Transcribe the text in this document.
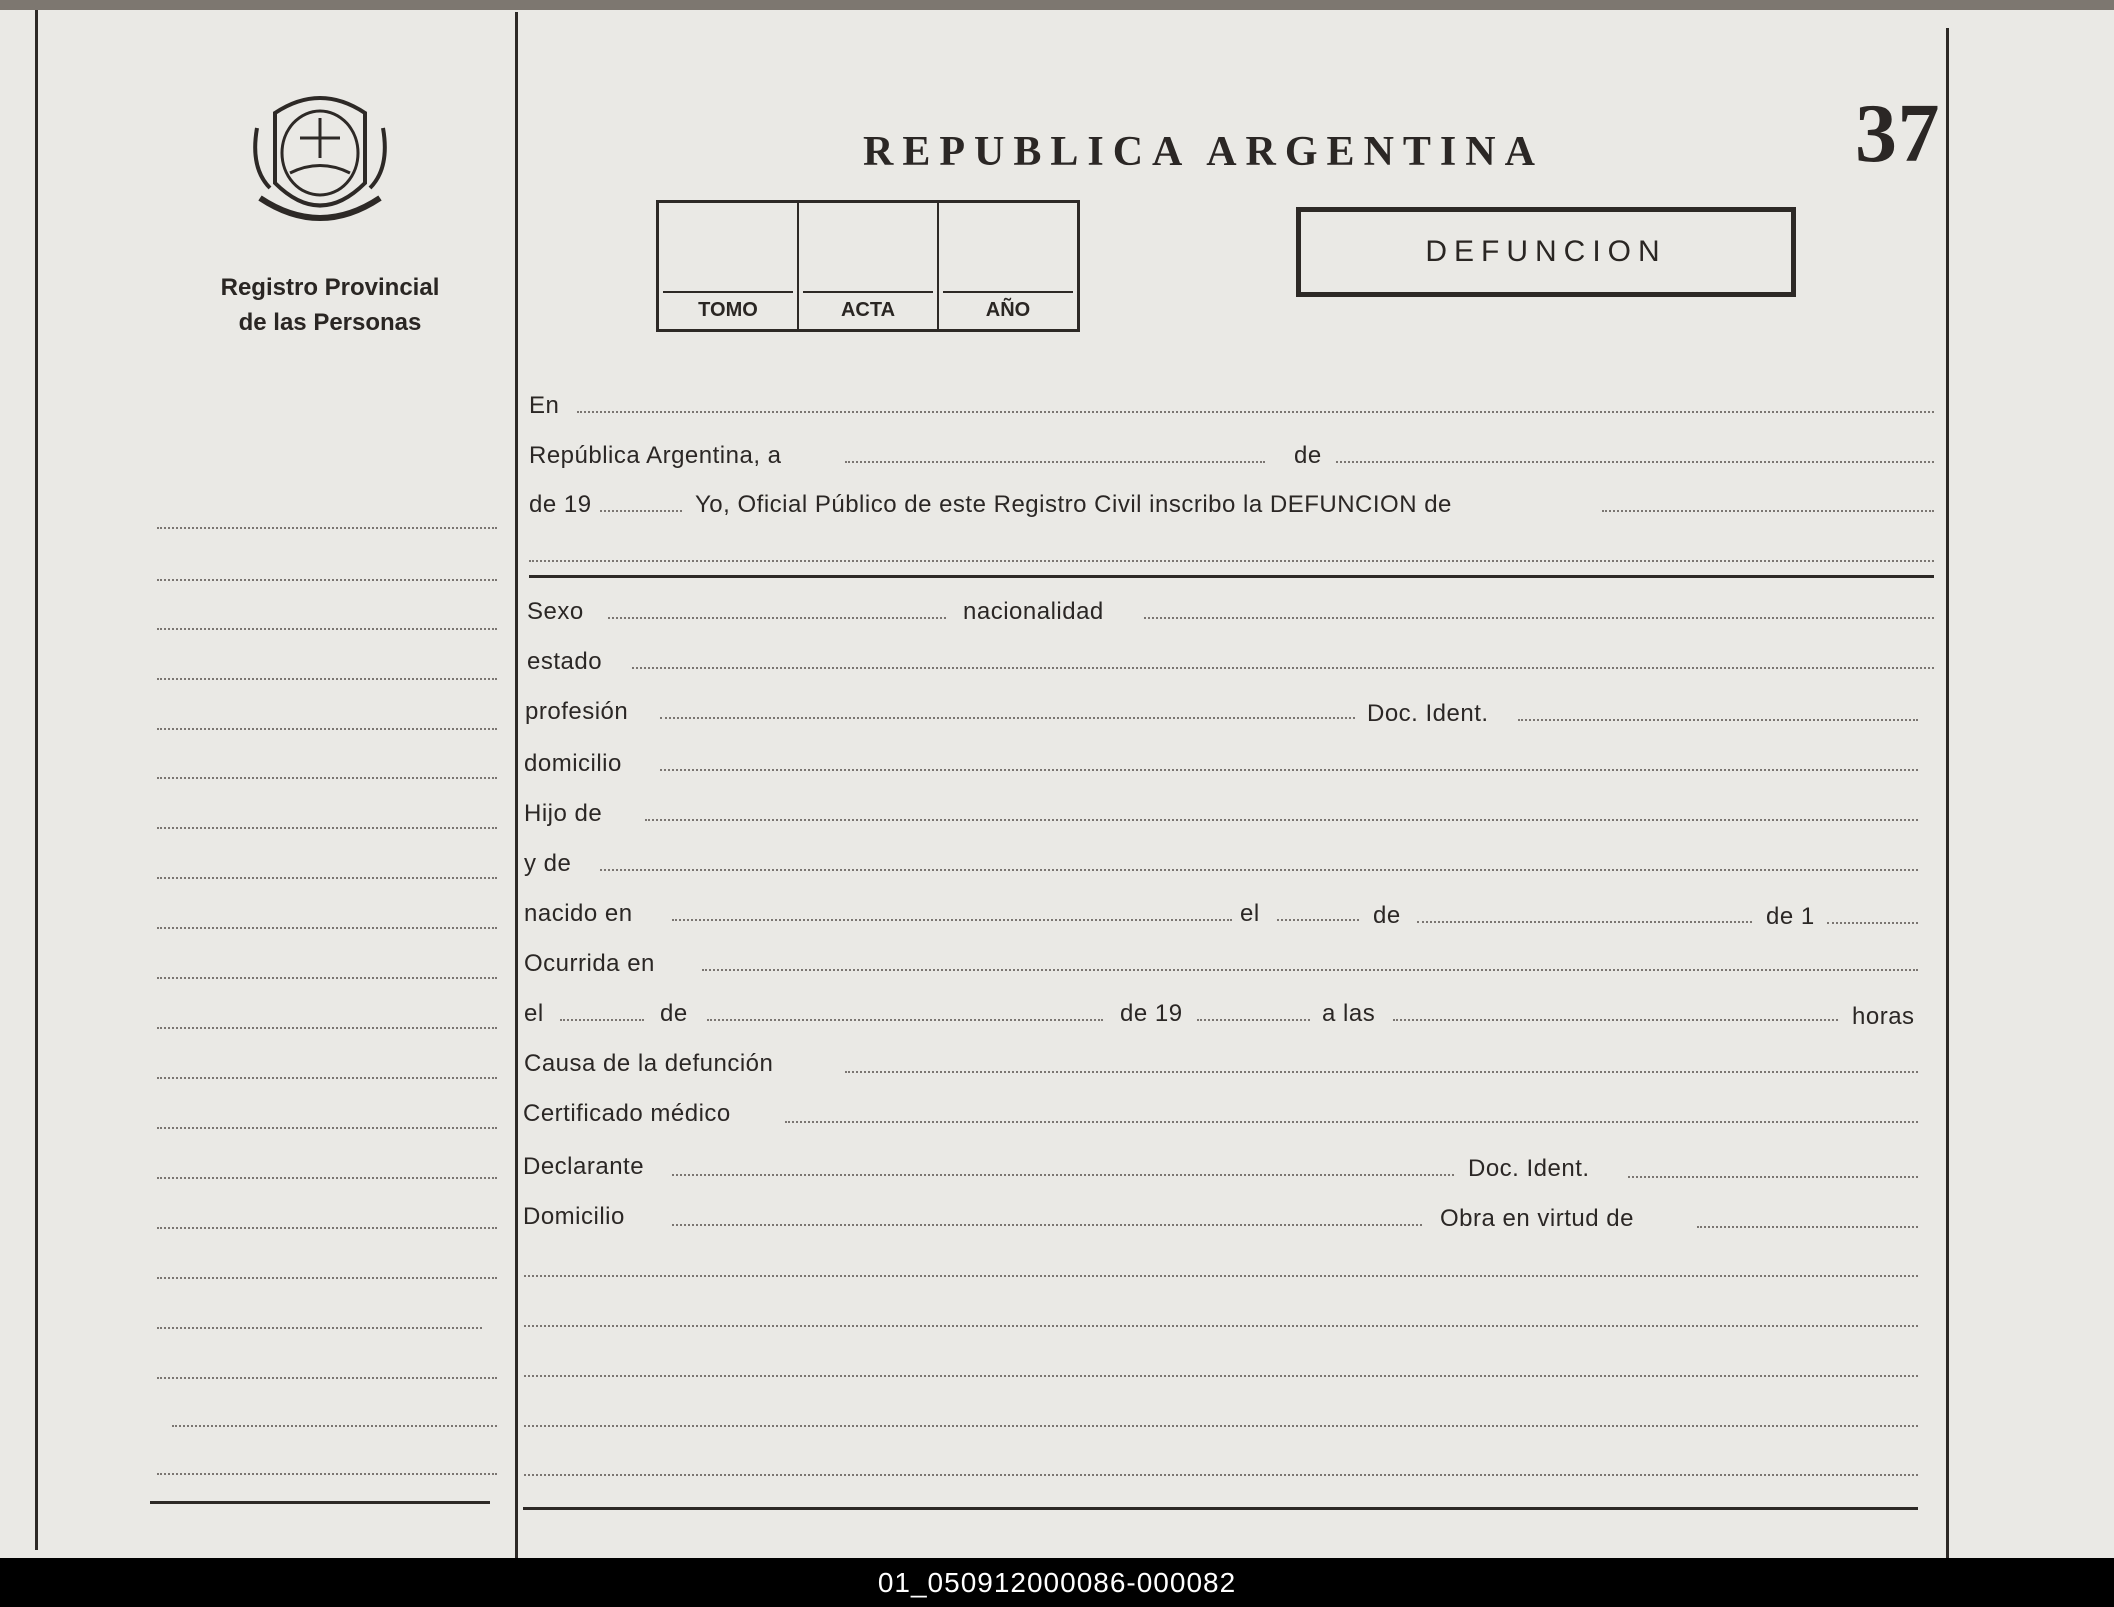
Registro Provincial
de las Personas
REPUBLICA ARGENTINA	37
TOMO	ACTA	AÑO
DEFUNCION
En
República Argentina, a	de
de 19	Yo, Oficial Público de este Registro Civil inscribo la DEFUNCION de
Sexo	nacionalidad
estado
profesión	Doc. Ident.
domicilio
Hijo de
y de
nacido en	el	de	de 1
Ocurrida en
el	de	de 19	a las	horas
Causa de la defunción
Certificado médico
Declarante	Doc. Ident.
Domicilio	Obra en virtud de
01_050912000086-000082
